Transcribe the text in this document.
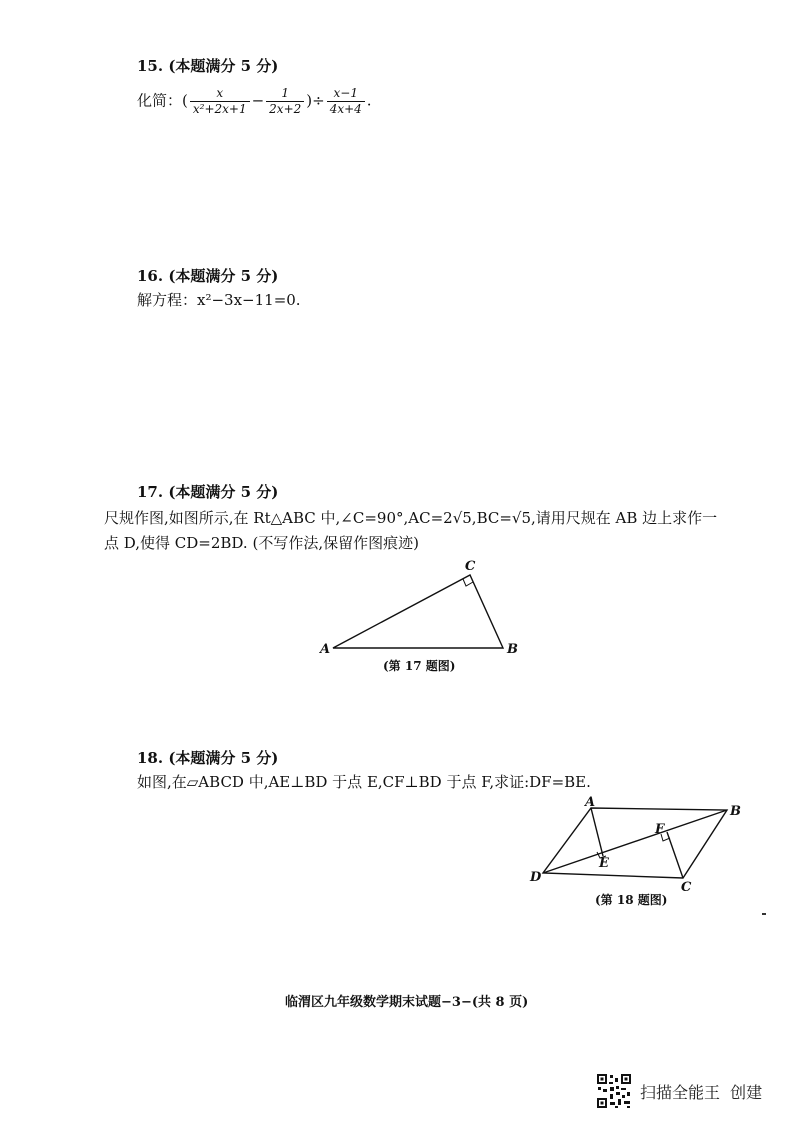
15. (本题满分 5 分)
化简：( $\frac{x}{\text{x²+2x+1}} - \frac{1}{2x+2}$ )÷ $\frac{x-1}{4x+4}$ .
16. (本题满分 5 分)
解方程：x²−3x−11=0.
17. (本题满分 5 分)
尺规作图,如图所示,在 Rt△ABC 中,∠C=90°,AC=2√5,BC=√5,请用尺规在 AB 边上求作一
点 D,使得 CD=2BD. (不写作法,保留作图痕迹)
A	B
C
(第 17 题图)
18. (本题满分 5 分)
如图,在▱ABCD 中,AE⊥BD 于点 E,CF⊥BD 于点 F,求证:DF=BE.
A
B
C
D
E
F
(第 18 题图)
临渭区九年级数学期末试题−3−(共 8 页)
扫描全能王  创建
